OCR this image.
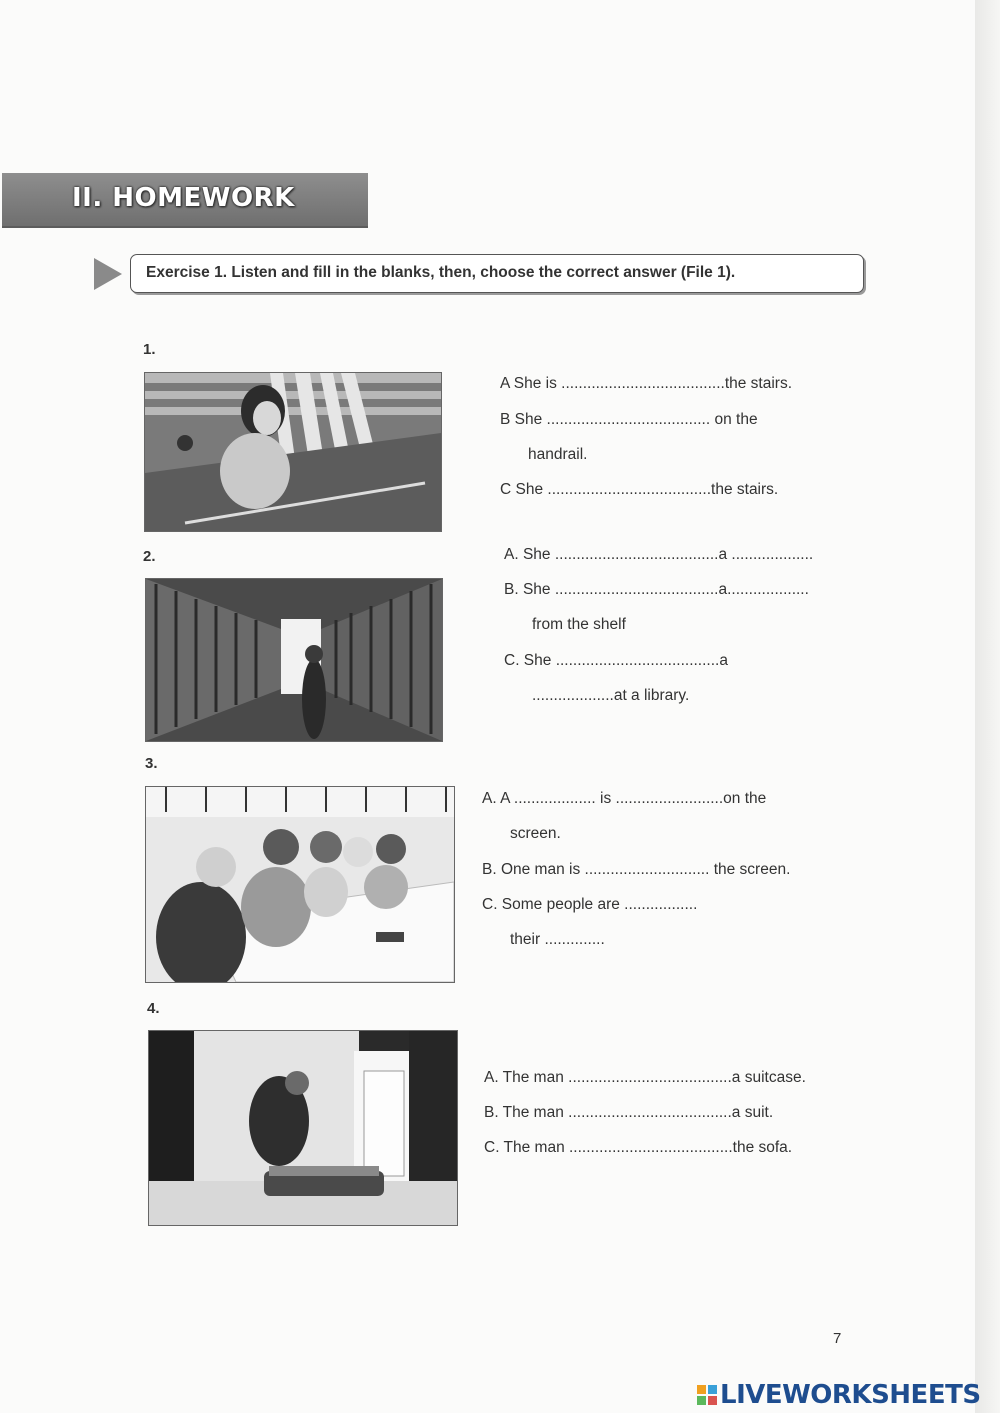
II. HOMEWORK
Exercise 1. Listen and fill in the blanks, then, choose the correct answer (File 1).
1.
A She is ......................................the stairs.
B She ...................................... on the
handrail.
C She ......................................the stairs.
2.	A. She ......................................a ...................
B. She ......................................a...................
from the shelf
C. She ......................................a
...................at a library.
3.
A. A ................... is .........................on the
screen.
B. One man is ............................. the screen.
C. Some people are .................
their ..............
4.
A. The man ......................................a suitcase.
B. The man ......................................a suit.
C. The man ......................................the sofa.
7
LIVEWORKSHEETS
